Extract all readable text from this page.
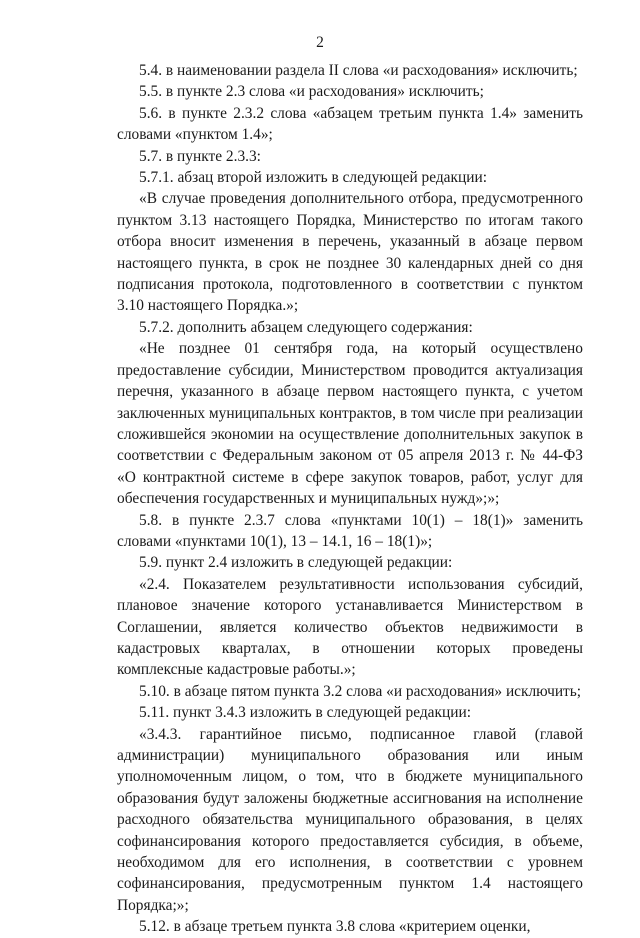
2

5.4. в наименовании раздела II слова «и расходования» исключить;

5.5. в пункте 2.3 слова «и расходования» исключить;

5.6. в пункте 2.3.2 слова «абзацем третьим пункта 1.4» заменить словами «пунктом 1.4»;

5.7. в пункте 2.3.3:

5.7.1. абзац второй изложить в следующей редакции:

«В случае проведения дополнительного отбора, предусмотренного пунктом 3.13 настоящего Порядка, Министерство по итогам такого отбора вносит изменения в перечень, указанный в абзаце первом настоящего пункта, в срок не позднее 30 календарных дней со дня подписания протокола, подготовленного в соответствии с пунктом 3.10 настоящего Порядка.»;

5.7.2. дополнить абзацем следующего содержания:

«Не позднее 01 сентября года, на который осуществлено предоставление субсидии, Министерством проводится актуализация перечня, указанного в абзаце первом настоящего пункта, с учетом заключенных муниципальных контрактов, в том числе при реализации сложившейся экономии на осуществление дополнительных закупок в соответствии с Федеральным законом от 05 апреля 2013 г. № 44-ФЗ «О контрактной системе в сфере закупок товаров, работ, услуг для обеспечения государственных и муниципальных нужд»;»;

5.8. в пункте 2.3.7 слова «пунктами 10(1) – 18(1)» заменить словами «пунктами 10(1), 13 – 14.1, 16 – 18(1)»;

5.9. пункт 2.4 изложить в следующей редакции:

«2.4. Показателем результативности использования субсидий, плановое значение которого устанавливается Министерством в Соглашении, является количество объектов недвижимости в кадастровых кварталах, в отношении которых проведены комплексные кадастровые работы.»;

5.10. в абзаце пятом пункта 3.2 слова «и расходования» исключить;

5.11. пункт 3.4.3 изложить в следующей редакции:

«3.4.3. гарантийное письмо, подписанное главой (главой администрации) муниципального образования или иным уполномоченным лицом, о том, что в бюджете муниципального образования будут заложены бюджетные ассигнования на исполнение расходного обязательства муниципального образования, в целях софинансирования которого предоставляется субсидия, в объеме, необходимом для его исполнения, в соответствии с уровнем софинансирования, предусмотренным пунктом 1.4 настоящего Порядка;»;

5.12. в абзаце третьем пункта 3.8 слова «критерием оценки,
